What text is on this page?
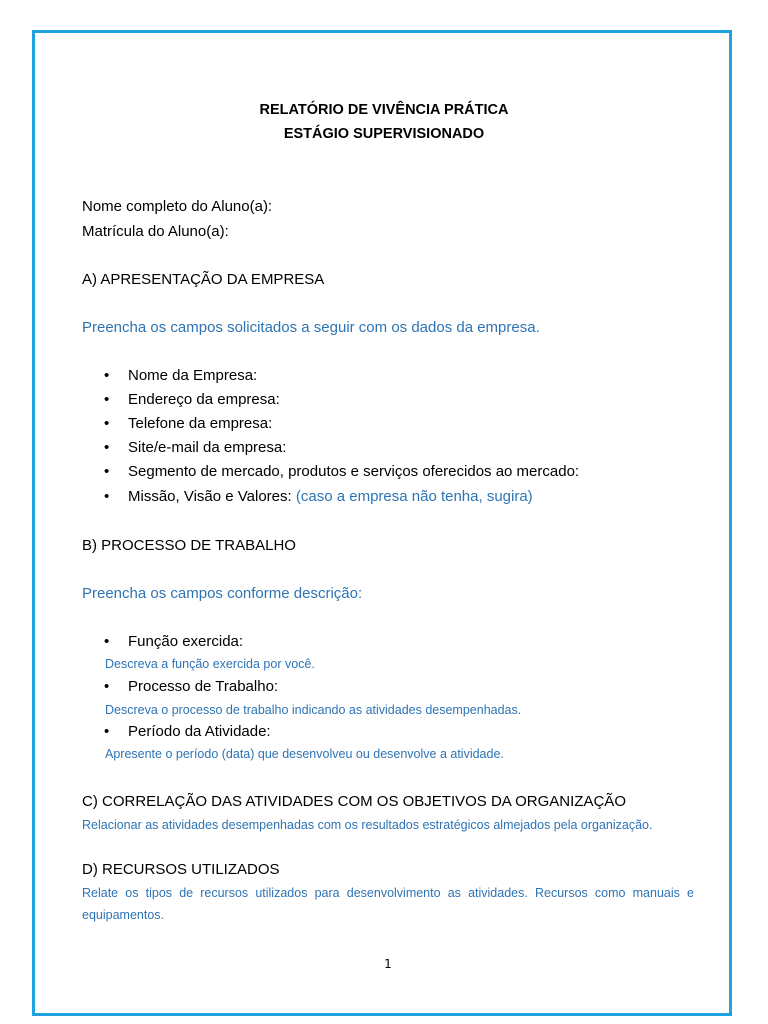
RELATÓRIO DE VIVÊNCIA PRÁTICA
ESTÁGIO SUPERVISIONADO
Nome completo do Aluno(a):
Matrícula do Aluno(a):
A) APRESENTAÇÃO DA EMPRESA
Preencha os campos solicitados a seguir com os dados da empresa.
• Nome da Empresa:
• Endereço da empresa:
• Telefone da empresa:
• Site/e-mail da empresa:
• Segmento de mercado, produtos e serviços oferecidos ao mercado:
• Missão, Visão e Valores: (caso a empresa não tenha, sugira)
B) PROCESSO DE TRABALHO
Preencha os campos conforme descrição:
• Função exercida:
Descreva a função exercida por você.
• Processo de Trabalho:
Descreva o processo de trabalho indicando as atividades desempenhadas.
• Período da Atividade:
Apresente o período (data) que desenvolveu ou desenvolve a atividade.
C) CORRELAÇÃO DAS ATIVIDADES COM OS OBJETIVOS DA ORGANIZAÇÃO
Relacionar as atividades desempenhadas com os resultados estratégicos almejados pela organização.
D) RECURSOS UTILIZADOS
Relate os tipos de recursos utilizados para desenvolvimento as atividades. Recursos como manuais e equipamentos.
1
